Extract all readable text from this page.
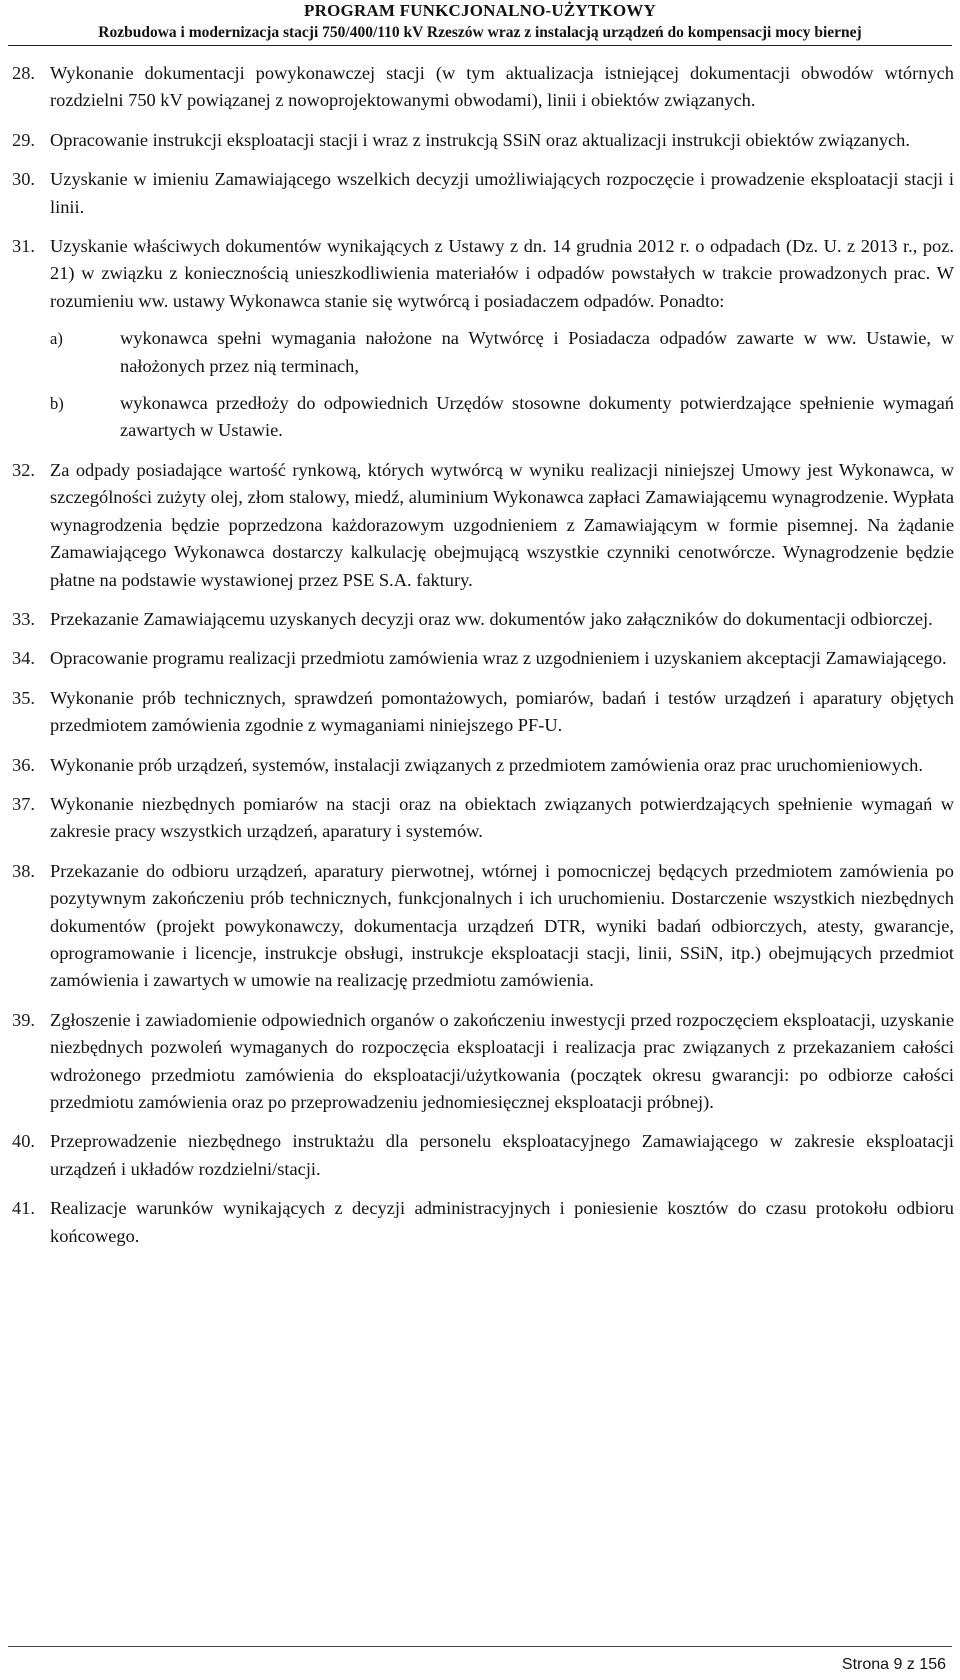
PROGRAM FUNKCJONALNO-UŻYTKOWY
Rozbudowa i modernizacja stacji 750/400/110 kV Rzeszów wraz z instalacją urządzeń do kompensacji mocy biernej
28. Wykonanie dokumentacji powykonawczej stacji (w tym aktualizacja istniejącej dokumentacji obwodów wtórnych rozdzielni 750 kV powiązanej z nowoprojektowanymi obwodami), linii i obiektów związanych.
29. Opracowanie instrukcji eksploatacji stacji i wraz z instrukcją SSiN oraz aktualizacji instrukcji obiektów związanych.
30. Uzyskanie w imieniu Zamawiającego wszelkich decyzji umożliwiających rozpoczęcie i prowadzenie eksploatacji stacji i linii.
31. Uzyskanie właściwych dokumentów wynikających z Ustawy z dn. 14 grudnia 2012 r. o odpadach (Dz. U. z 2013 r., poz. 21) w związku z koniecznością unieszkodliwienia materiałów i odpadów powstałych w trakcie prowadzonych prac. W rozumieniu ww. ustawy Wykonawca stanie się wytwórcą i posiadaczem odpadów. Ponadto:
a)	wykonawca spełni wymagania nałożone na Wytwórcę i Posiadacza odpadów zawarte w ww. Ustawie, w nałożonych przez nią terminach,
b)	wykonawca przedłoży do odpowiednich Urzędów stosowne dokumenty potwierdzające spełnienie wymagań zawartych w Ustawie.
32. Za odpady posiadające wartość rynkową, których wytwórcą w wyniku realizacji niniejszej Umowy jest Wykonawca, w szczególności zużyty olej, złom stalowy, miedź, aluminium Wykonawca zapłaci Zamawiającemu wynagrodzenie. Wypłata wynagrodzenia będzie poprzedzona każdorazowym uzgodnieniem z Zamawiającym w formie pisemnej. Na żądanie Zamawiającego Wykonawca dostarczy kalkulację obejmującą wszystkie czynniki cenotwórcze. Wynagrodzenie będzie płatne na podstawie wystawionej przez PSE S.A. faktury.
33. Przekazanie Zamawiającemu uzyskanych decyzji oraz ww. dokumentów jako załączników do dokumentacji odbiorczej.
34. Opracowanie programu realizacji przedmiotu zamówienia wraz z uzgodnieniem i uzyskaniem akceptacji Zamawiającego.
35. Wykonanie prób technicznych, sprawdzeń pomontażowych, pomiarów, badań i testów urządzeń i aparatury objętych przedmiotem zamówienia zgodnie z wymaganiami niniejszego PF-U.
36. Wykonanie prób urządzeń, systemów, instalacji związanych z przedmiotem zamówienia oraz prac uruchomieniowych.
37. Wykonanie niezbędnych pomiarów na stacji oraz na obiektach związanych potwierdzających spełnienie wymagań w zakresie pracy wszystkich urządzeń, aparatury i systemów.
38. Przekazanie do odbioru urządzeń, aparatury pierwotnej, wtórnej i pomocniczej będących przedmiotem zamówienia po pozytywnym zakończeniu prób technicznych, funkcjonalnych i ich uruchomieniu. Dostarczenie wszystkich niezbędnych dokumentów (projekt powykonawczy, dokumentacja urządzeń DTR, wyniki badań odbiorczych, atesty, gwarancje, oprogramowanie i licencje, instrukcje obsługi, instrukcje eksploatacji stacji, linii, SSiN, itp.) obejmujących przedmiot zamówienia i zawartych w umowie na realizację przedmiotu zamówienia.
39. Zgłoszenie i zawiadomienie odpowiednich organów o zakończeniu inwestycji przed rozpoczęciem eksploatacji, uzyskanie niezbędnych pozwoleń wymaganych do rozpoczęcia eksploatacji i realizacja prac związanych z przekazaniem całości wdrożonego przedmiotu zamówienia do eksploatacji/użytkowania (początek okresu gwarancji: po odbiorze całości przedmiotu zamówienia oraz po przeprowadzeniu jednomiesięcznej eksploatacji próbnej).
40. Przeprowadzenie niezbędnego instruktażu dla personelu eksploatacyjnego Zamawiającego w zakresie eksploatacji urządzeń i układów rozdzielni/stacji.
41. Realizacje warunków wynikających z decyzji administracyjnych i poniesienie kosztów do czasu protokołu odbioru końcowego.
Strona 9 z 156
